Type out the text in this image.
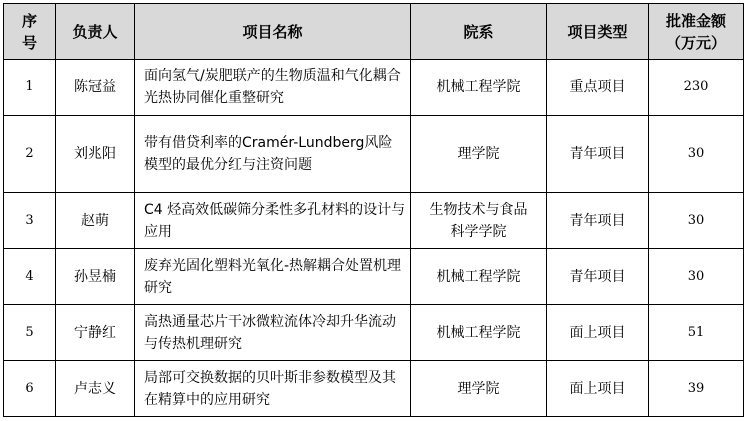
序号	负责人	项目名称	院系	项目类型	批准金额（万元）
1	陈冠益	面向氢气/炭肥联产的生物质温和气化耦合光热协同催化重整研究	机械工程学院	重点项目	230
2	刘兆阳	带有借贷利率的Cramér-Lundberg风险模型的最优分红与注资问题	理学院	青年项目	30
3	赵萌	C4 烃高效低碳筛分柔性多孔材料的设计与应用	生物技术与食品科学学院	青年项目	30
4	孙昱楠	废弃光固化塑料光氧化-热解耦合处置机理研究	机械工程学院	青年项目	30
5	宁静红	高热通量芯片干冰微粒流体冷却升华流动与传热机理研究	机械工程学院	面上项目	51
6	卢志义	局部可交换数据的贝叶斯非参数模型及其在精算中的应用研究	理学院	面上项目	39
